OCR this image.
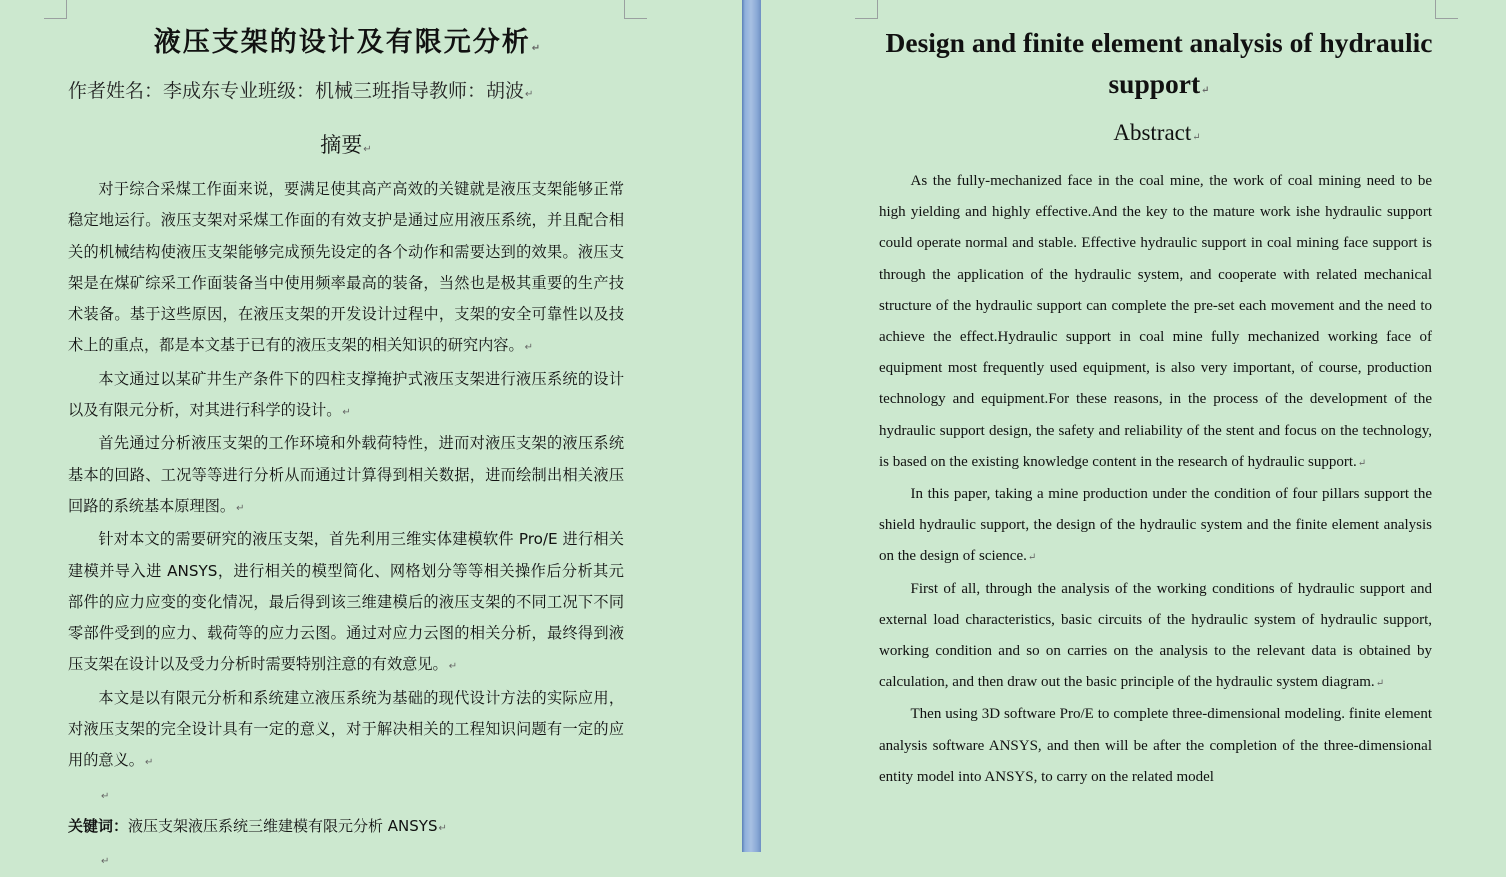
液压支架的设计及有限元分析↵
作者姓名：李成东专业班级：机械三班指导教师：胡波↵
摘要↵

对于综合采煤工作面来说，要满足使其高产高效的关键就是液压支架能够正常稳定地运行。液压支架对采煤工作面的有效支护是通过应用液压系统，并且配合相关的机械结构使液压支架能够完成预先设定的各个动作和需要达到的效果。液压支架是在煤矿综采工作面装备当中使用频率最高的装备，当然也是极其重要的生产技术装备。基于这些原因，在液压支架的开发设计过程中，支架的安全可靠性以及技术上的重点，都是本文基于已有的液压支架的相关知识的研究内容。↵

本文通过以某矿井生产条件下的四柱支撑掩护式液压支架进行液压系统的设计以及有限元分析，对其进行科学的设计。↵

首先通过分析液压支架的工作环境和外载荷特性，进而对液压支架的液压系统基本的回路、工况等等进行分析从而通过计算得到相关数据，进而绘制出相关液压回路的系统基本原理图。↵

针对本文的需要研究的液压支架，首先利用三维实体建模软件 Pro/E 进行相关建模并导入进 ANSYS，进行相关的模型简化、网格划分等等相关操作后分析其元部件的应力应变的变化情况，最后得到该三维建模后的液压支架的不同工况下不同零部件受到的应力、载荷等的应力云图。通过对应力云图的相关分析，最终得到液压支架在设计以及受力分析时需要特别注意的有效意见。↵

本文是以有限元分析和系统建立液压系统为基础的现代设计方法的实际应用，对液压支架的完全设计具有一定的意义，对于解决相关的工程知识问题有一定的应用的意义。↵

↵
关键词：液压支架液压系统三维建模有限元分析 ANSYS↵
↵
Design and finite element analysis of hydraulic support↵
Abstract↵

As the fully-mechanized face in the coal mine, the work of coal mining need to be high yielding and highly effective.And the key to the mature work ishe hydraulic support could operate normal and stable. Effective hydraulic support in coal mining face support is through the application of the hydraulic system, and cooperate with related mechanical structure of the hydraulic support can complete the pre-set each movement and the need to achieve the effect.Hydraulic support in coal mine fully mechanized working face of equipment most frequently used equipment, is also very important, of course, production technology and equipment.For these reasons, in the process of the development of the hydraulic support design, the safety and reliability of the stent and focus on the technology, is based on the existing knowledge content in the research of hydraulic support.↵

In this paper, taking a mine production under the condition of four pillars support the shield hydraulic support, the design of the hydraulic system and the finite element analysis on the design of science.↵

First of all, through the analysis of the working conditions of hydraulic support and external load characteristics, basic circuits of the hydraulic system of hydraulic support, working condition and so on carries on the analysis to the relevant data is obtained by calculation, and then draw out the basic principle of the hydraulic system diagram.↵

Then using 3D software Pro/E to complete three-dimensional modeling. finite element analysis software ANSYS, and then will be after the completion of the three-dimensional entity model into ANSYS, to carry on the related model
